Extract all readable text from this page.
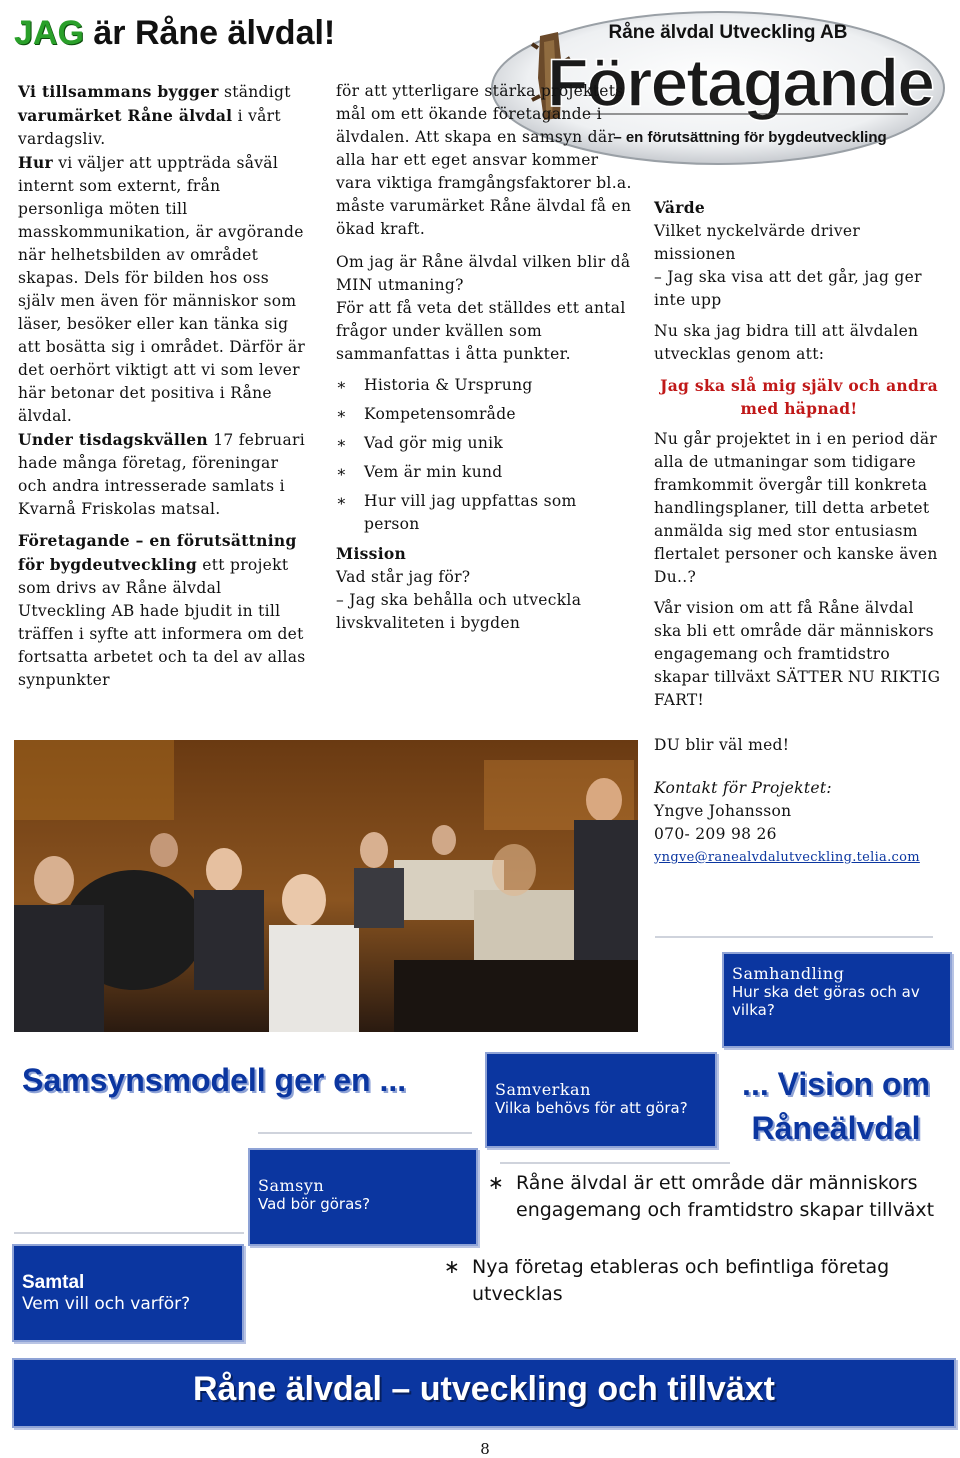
JAG är Råne älvdal!	Råne älvdal Utveckling AB
Företagande
– en förutsättning för bygdeutveckling

Vi tillsammans bygger ständigt varumärket Råne älvdal i vårt vardagsliv.

Hur vi väljer att uppträda såväl internt som externt, från personliga möten till masskommunikation, är avgörande när helhetsbilden av området skapas. Dels för bilden hos oss själv men även för människor som läser, besöker eller kan tänka sig att bosätta sig i området. Därför är det oerhört viktigt att vi som lever här betonar det positiva i Råne älvdal.

Under tisdagskvällen 17 februari hade många företag, föreningar och andra intresserade samlats i Kvarnå Friskolas matsal.

Företagande – en förutsättning för bygdeutveckling ett projekt som drivs av Råne älvdal Utveckling AB hade bjudit in till träffen i syfte att informera om det fortsatta arbetet och ta del av allas synpunkter

för att ytterligare stärka projektets mål om ett ökande företagande i älvdalen. Att skapa en samsyn där alla har ett eget ansvar kommer vara viktiga framgångsfaktorer bl.a. måste varumärket Råne älvdal få en ökad kraft.

Om jag är Råne älvdal vilken blir då MIN utmaning?

För att få veta det ställdes ett antal frågor under kvällen som sammanfattas i åtta punkter.

∗ Historia & Ursprung
∗ Kompetensområde
∗ Vad gör mig unik
∗ Vem är min kund
∗ Hur vill jag uppfattas som person

Mission

Vad står jag för?

– Jag ska behålla och utveckla livskvaliteten i bygden

Värde

Vilket nyckelvärde driver missionen

– Jag ska visa att det går, jag ger inte upp

Nu ska jag bidra till att älvdalen utvecklas genom att:

Jag ska slå mig själv och andra med häpnad!

Nu går projektet in i en period där alla de utmaningar som tidigare framkommit övergår till konkreta handlingsplaner, till detta arbetet anmälda sig med stor entusiasm flertalet personer och kanske även Du..?

Vår vision om att få Råne älvdal ska bli ett område där människors engagemang och framtidstro skapar tillväxt SÄTTER NU RIKTIG FART!

DU blir väl med!

Kontakt för Projektet:

Yngve Johansson

070- 209 98 26

yngve@ranealvdalutveckling.telia.com

Samhandling
Hur ska det göras och av vilka?
Samsynsmodell ger en ...	Samverkan
Vilka behövs för att göra?
... Vision om
Råneälvdal
Samsyn
Vad bör göras?
∗ Råne älvdal är ett område där människors engagemang och framtidstro skapar tillväxt
Samtal
Vem vill och varför?
∗ Nya företag etableras och befintliga företag utvecklas
Råne älvdal – utveckling och tillväxt
8
